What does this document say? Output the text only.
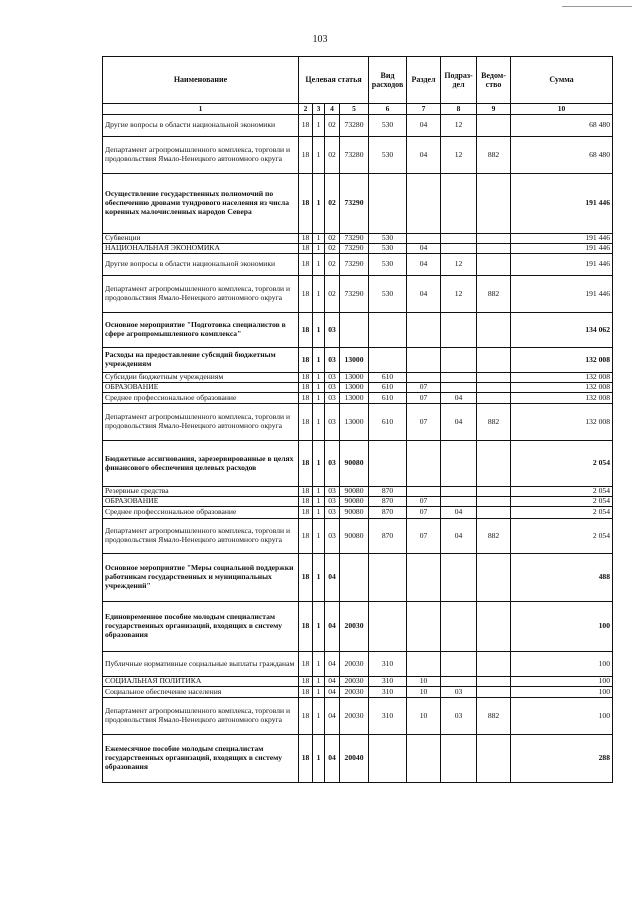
103
Наименование	Целевая статья				Вид расходов	Раздел	Подраз-дел	Ведом-ство	Сумма
1	2	3	4	5	6	7	8	9	10
Другие вопросы в области национальной экономики	18	1	02	73280	530	04	12		68 480
Департамент агропромышленного комплекса, торговли и продовольствия Ямало-Ненецкого автономного округа	18	1	02	73280	530	04	12	882	68 480
Осуществление государственных полномочий по обеспечению дровами тундрового населения из числа коренных малочисленных народов Севера	18	1	02	73290					191 446
Субвенции	18	1	02	73290	530				191 446
НАЦИОНАЛЬНАЯ ЭКОНОМИКА	18	1	02	73290	530	04			191 446
Другие вопросы в области национальной экономики	18	1	02	73290	530	04	12		191 446
Департамент агропромышленного комплекса, торговли и продовольствия Ямало-Ненецкого автономного округа	18	1	02	73290	530	04	12	882	191 446
Основное мероприятие "Подготовка специалистов в сфере агропромышленного комплекса"	18	1	03						134 062
Расходы на предоставление субсидий бюджетным учреждениям	18	1	03	13000					132 008
Субсидии бюджетным учреждениям	18	1	03	13000	610				132 008
ОБРАЗОВАНИЕ	18	1	03	13000	610	07			132 008
Среднее профессиональное образование	18	1	03	13000	610	07	04		132 008
Департамент агропромышленного комплекса, торговли и продовольствия Ямало-Ненецкого автономного округа	18	1	03	13000	610	07	04	882	132 008
Бюджетные ассигнования, зарезервированные в целях финансового обеспечения целевых расходов	18	1	03	90080					2 054
Резервные средства	18	1	03	90080	870				2 054
ОБРАЗОВАНИЕ	18	1	03	90080	870	07			2 054
Среднее профессиональное образование	18	1	03	90080	870	07	04		2 054
Департамент агропромышленного комплекса, торговли и продовольствия Ямало-Ненецкого автономного округа	18	1	03	90080	870	07	04	882	2 054
Основное мероприятие "Меры социальной поддержки работникам государственных и муниципальных учреждений"	18	1	04						488
Единовременное пособие молодым специалистам государственных организаций, входящих в систему образования	18	1	04	20030					100
Публичные нормативные социальные выплаты гражданам	18	1	04	20030	310				100
СОЦИАЛЬНАЯ ПОЛИТИКА	18	1	04	20030	310	10			100
Социальное обеспечение населения	18	1	04	20030	310	10	03		100
Департамент агропромышленного комплекса, торговли и продовольствия Ямало-Ненецкого автономного округа	18	1	04	20030	310	10	03	882	100
Ежемесячное пособие молодым специалистам государственных организаций, входящих в систему образования	18	1	04	20040					288
